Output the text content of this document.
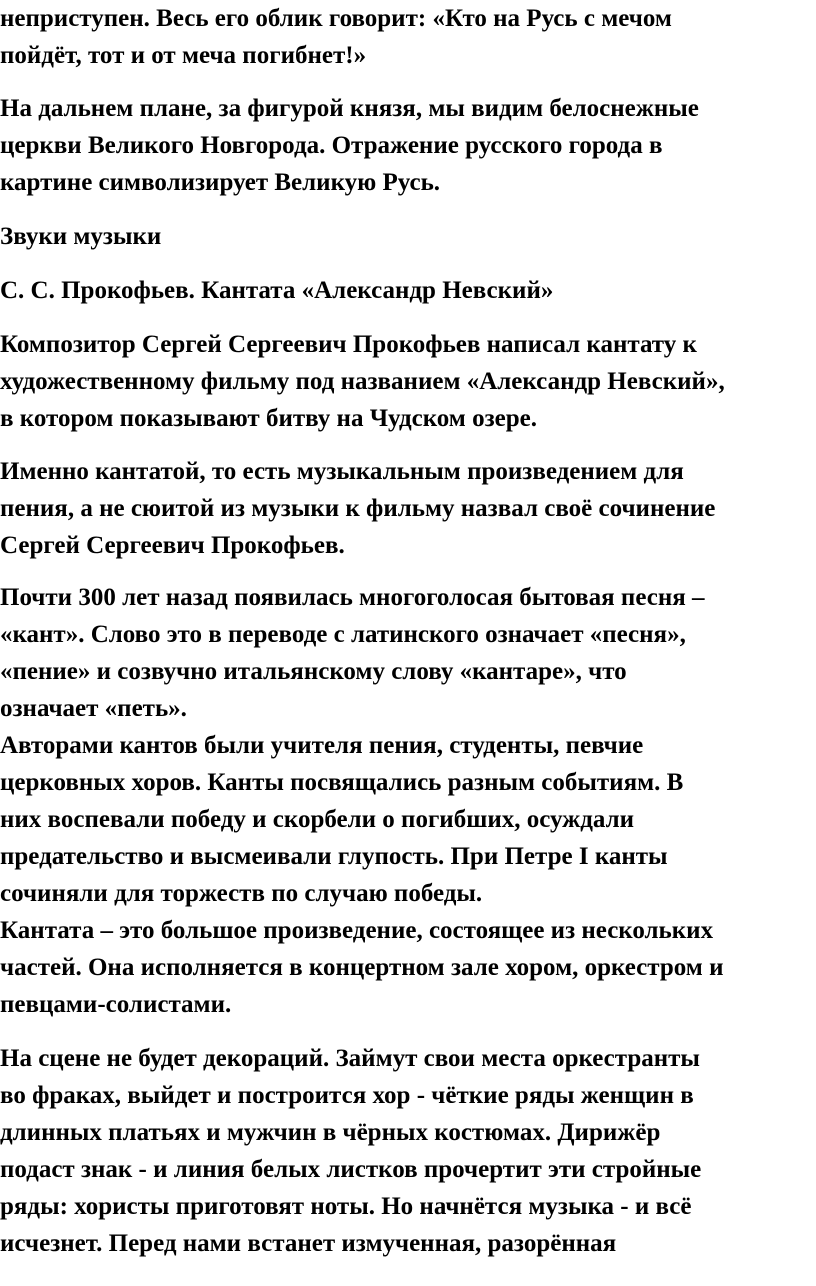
неприступен. Весь его облик говорит: «Кто на Русь с мечом
пойдёт, тот и от меча погибнет!»

На дальнем плане, за фигурой князя, мы видим белоснежные
церкви Великого Новгорода. Отражение русского города в
картине символизирует Великую Русь.

Звуки музыки

С. С. Прокофьев. Кантата «Александр Невский»

Композитор Сергей Сергеевич Прокофьев написал кантату к
художественному фильму под названием «Александр Невский»,
в котором показывают битву на Чудском озере.

Именно кантатой, то есть музыкальным произведением для
пения, а не сюитой из музыки к фильму назвал своё сочинение
Сергей Сергеевич Прокофьев.

Почти 300 лет назад появилась многоголосая бытовая песня –
«кант». Слово это в переводе с латинского означает «песня»,
«пение» и созвучно итальянскому слову «кантаре», что
означает «петь».
Авторами кантов были учителя пения, студенты, певчие
церковных хоров. Канты посвящались разным событиям. В
них воспевали победу и скорбели о погибших, осуждали
предательство и высмеивали глупость. При Петре I канты
сочиняли для торжеств по случаю победы.
Кантата – это большое произведение, состоящее из нескольких
частей. Она исполняется в концертном зале хором, оркестром и
певцами-солистами.

На сцене не будет декораций. Займут свои места оркестранты
во фраках, выйдет и построится хор - чёткие ряды женщин в
длинных платьях и мужчин в чёрных костюмах. Дирижёр
подаст знак - и линия белых листков прочертит эти стройные
ряды: хористы приготовят ноты. Но начнётся музыка - и всё
исчезнет. Перед нами встанет измученная, разорённая
